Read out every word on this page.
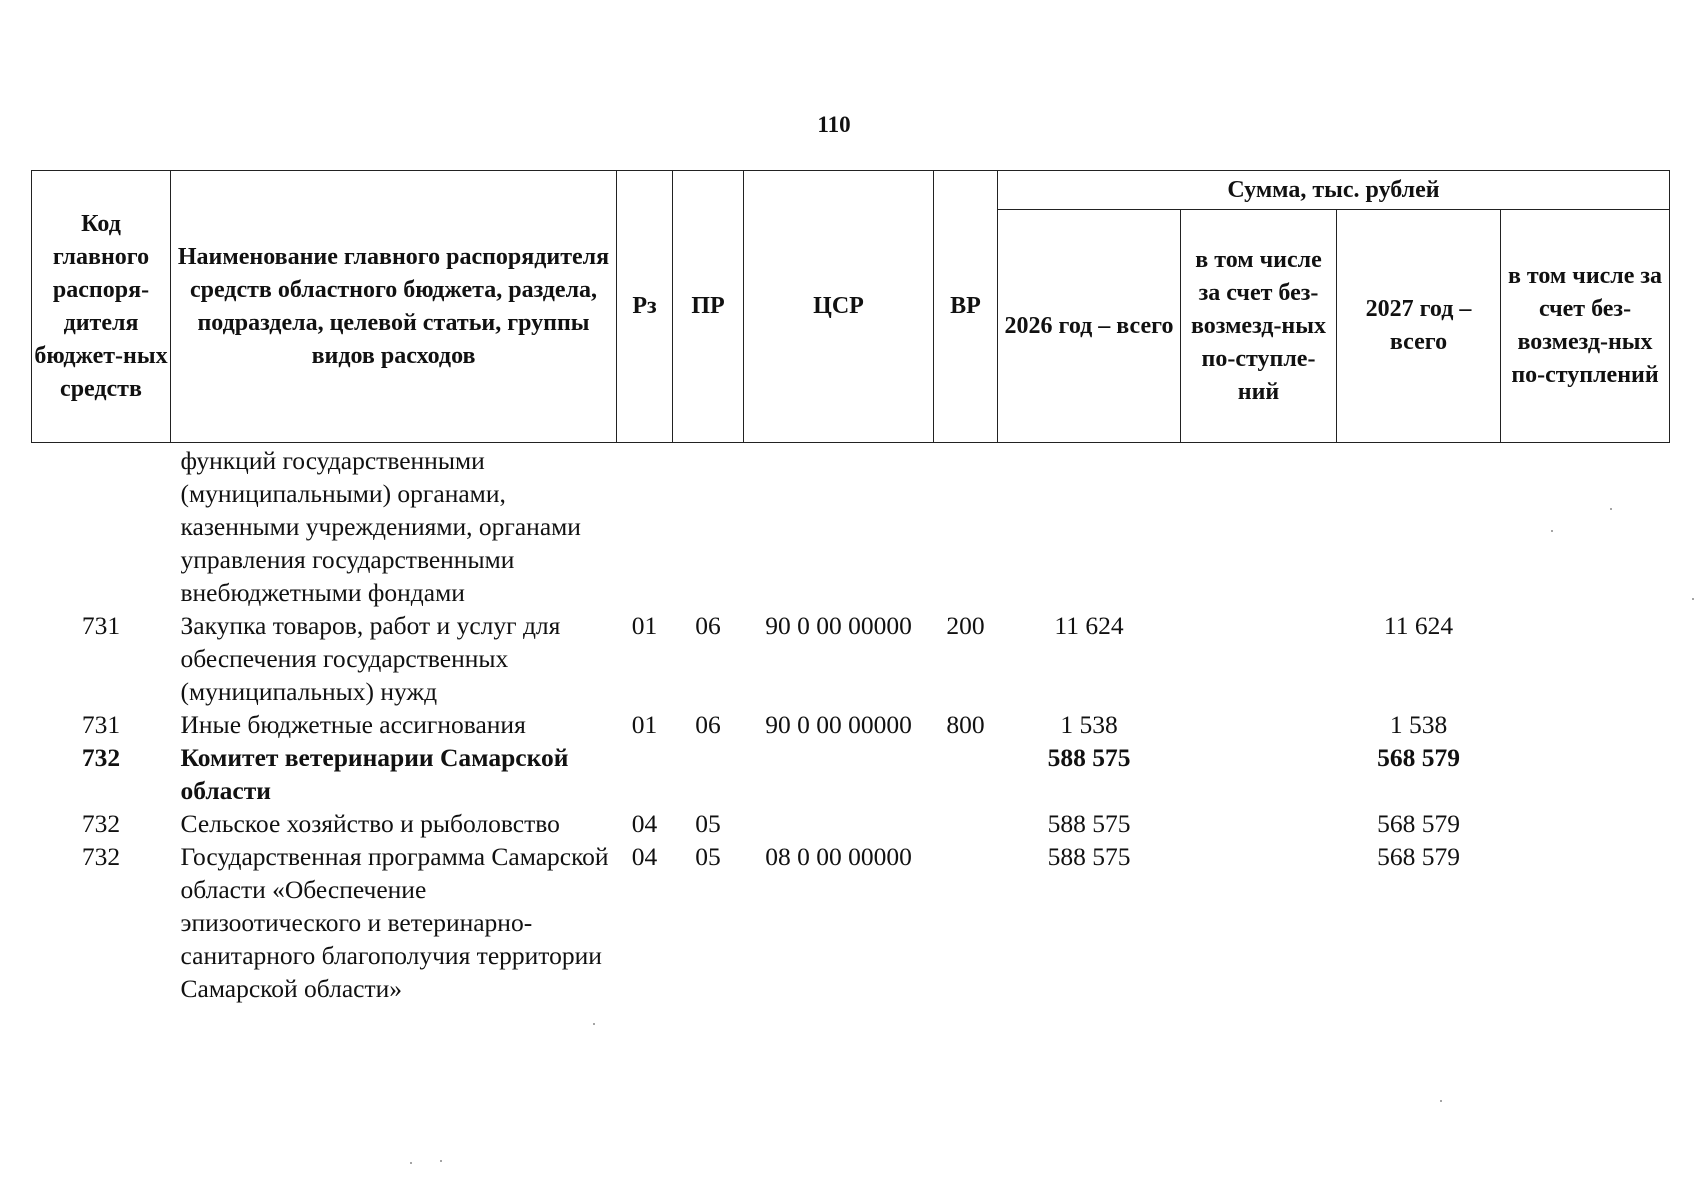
110
Код главного распоря-дителя бюджет-ных средств	Наименование главного распорядителя средств областного бюджета, раздела, подраздела, целевой статьи, группы видов расходов	Рз	ПР	ЦСР	ВР	Сумма, тыс. рублей			
						2026 год – всего	в том числе за счет без-возмезд-ных по-ступле-ний	2027 год – всего	в том числе за счет без-возмезд-ных по-ступлений
	функций государственными (муниципальными) органами, казенными учреждениями, органами управления государственными внебюджетными фондами								
731	Закупка товаров, работ и услуг для обеспечения государственных (муниципальных) нужд	01	06	90 0 00 00000	200	11 624		11 624	
731	Иные бюджетные ассигнования	01	06	90 0 00 00000	800	1 538		1 538	
732	Комитет ветеринарии Самарской области					588 575		568 579	
732	Сельское хозяйство и рыболовство	04	05			588 575		568 579	
732	Государственная программа Самарской области «Обеспечение эпизоотического и ветеринарно-санитарного благополучия территории Самарской области»	04	05	08 0 00 00000		588 575		568 579	
